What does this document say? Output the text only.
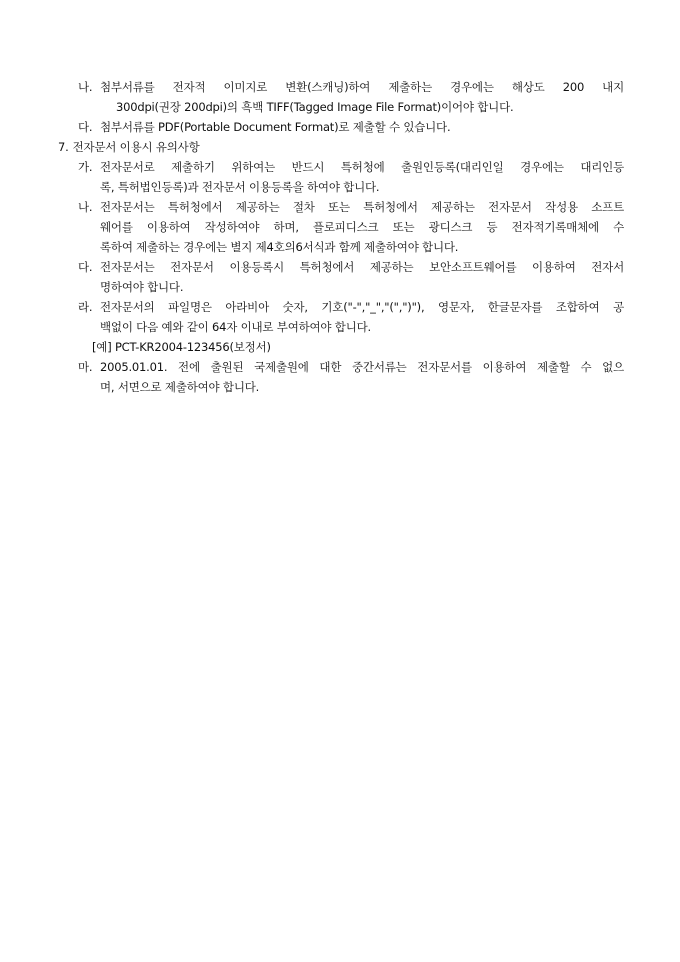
나. 첨부서류를 전자적 이미지로 변환(스캐닝)하여 제출하는 경우에는 해상도 200 내지
300dpi(권장 200dpi)의 흑백 TIFF(Tagged Image File Format)이어야 합니다.
다. 첨부서류를 PDF(Portable Document Format)로 제출할 수 있습니다.
7. 전자문서 이용시 유의사항
가. 전자문서로 제출하기 위하여는 반드시 특허청에 출원인등록(대리인일 경우에는 대리인등
록, 특허법인등록)과 전자문서 이용등록을 하여야 합니다.
나. 전자문서는 특허청에서 제공하는 절차 또는 특허청에서 제공하는 전자문서 작성용 소프트
웨어를 이용하여 작성하여야 하며, 플로피디스크 또는 광디스크 등 전자적기록매체에 수
록하여 제출하는 경우에는 별지 제4호의6서식과 함께 제출하여야 합니다.
다. 전자문서는 전자문서 이용등록시 특허청에서 제공하는 보안소프트웨어를 이용하여 전자서
명하여야 합니다.
라. 전자문서의 파일명은 아라비아 숫자, 기호("-","_","(",")"), 영문자, 한글문자를 조합하여 공
백없이 다음 예와 같이 64자 이내로 부여하여야 합니다.
[예] PCT-KR2004-123456(보정서)
마. 2005.01.01. 전에 출원된 국제출원에 대한 중간서류는 전자문서를 이용하여 제출할 수 없으
며, 서면으로 제출하여야 합니다.
